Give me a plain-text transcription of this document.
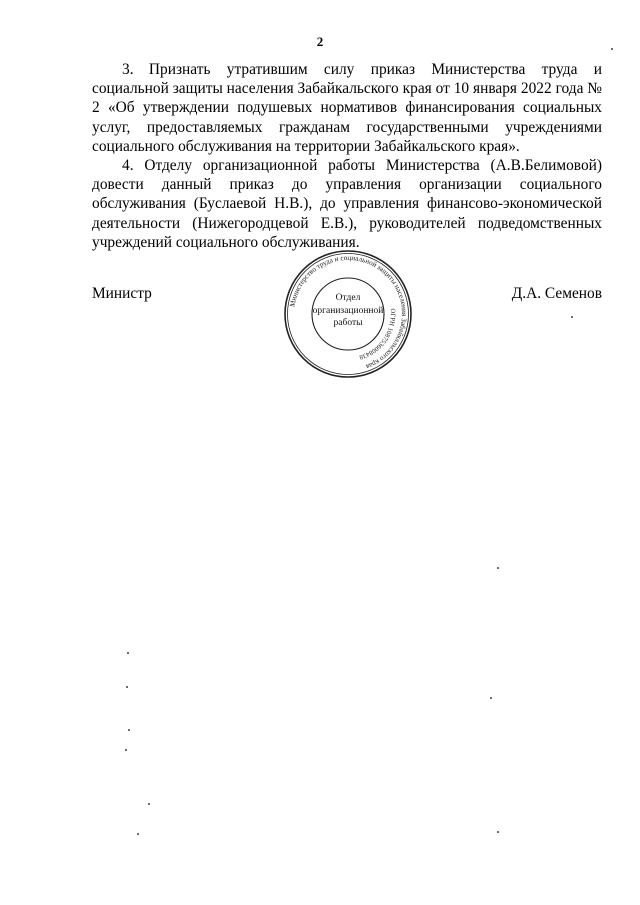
2

3. Признать утратившим силу приказ Министерства труда и социальной защиты населения Забайкальского края от 10 января 2022 года № 2 «Об утверждении подушевых нормативов финансирования социальных услуг, предоставляемых гражданам государственными учреждениями социального обслуживания на территории Забайкальского края».

4. Отделу организационной работы Министерства (А.В.Белимовой) довести данный приказ до управления организации социального обслуживания (Буслаевой Н.В.), до управления финансово-экономической деятельности (Нижегородцевой Е.В.), руководителей подведомственных учреждений социального обслуживания.

Министр	Д.А. Семенов
Министерство труда и социальной защиты населения Забайкальского края
ОГРН 1087536008438
Отдел
организационной
работы
